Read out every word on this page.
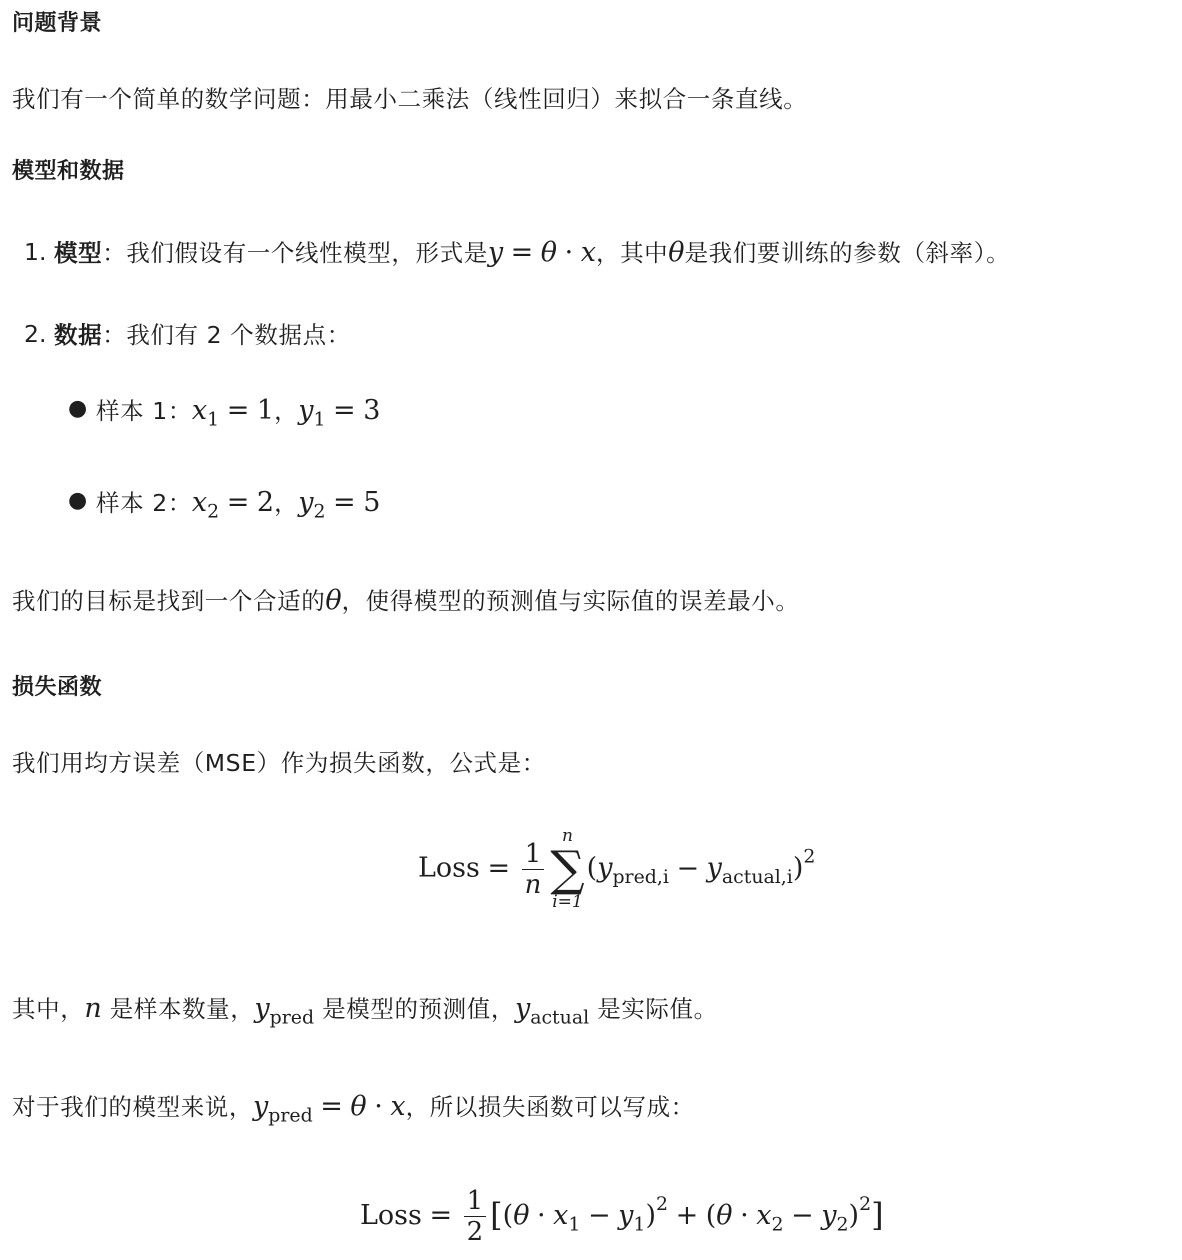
问题背景
我们有一个简单的数学问题：用最小二乘法（线性回归）来拟合一条直线。
模型和数据
1. 模型：我们假设有一个线性模型，形式是y = θ · x，其中θ是我们要训练的参数（斜率）。
2. 数据：我们有 2 个数据点：
● 样本 1：$x_1 = 1$，$y_1 = 3$
● 样本 2：$x_2 = 2$，$y_2 = 5$
我们的目标是找到一个合适的θ，使得模型的预测值与实际值的误差最小。
损失函数
我们用均方误差（MSE）作为损失函数，公式是：
Loss = $\frac{1}{n}$
n
∑
i=1
$(y_{pred,i} - y_{actual,i})^2$
其中，n 是样本数量，$y_{pred}$ 是模型的预测值，$y_{actual}$ 是实际值。
对于我们的模型来说，$y_{pred} = \theta \cdot x$，所以损失函数可以写成：
Loss = $\frac{1}{2} [(\theta \cdot x_1 - y_1)^2 + (\theta \cdot x_2 - y_2)^2]$
